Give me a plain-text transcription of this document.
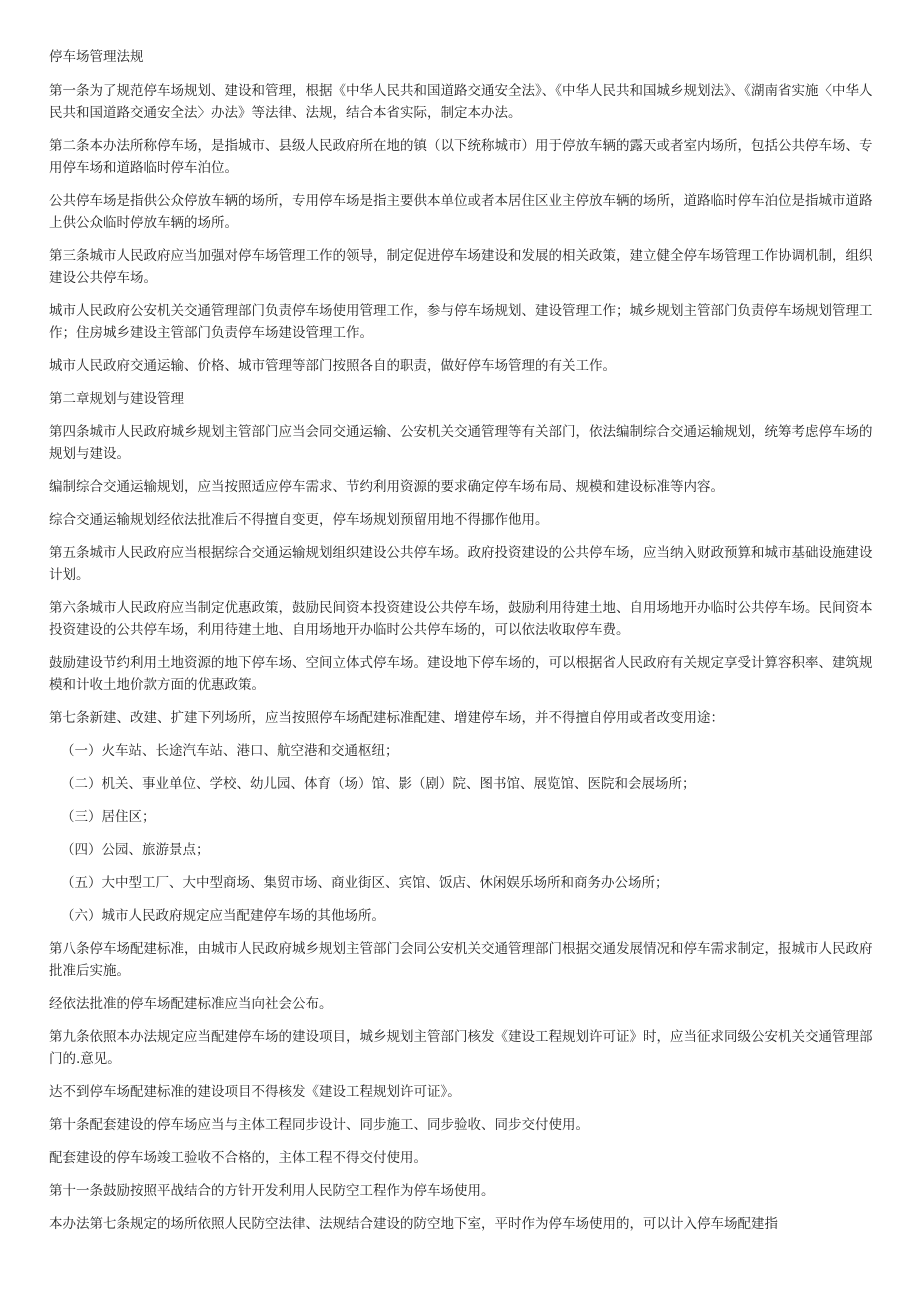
停车场管理法规

第一条为了规范停车场规划、建设和管理，根据《中华人民共和国道路交通安全法》、《中华人民共和国城乡规划法》、《湖南省实施〈中华人民共和国道路交通安全法〉办法》等法律、法规，结合本省实际，制定本办法。

第二条本办法所称停车场，是指城市、县级人民政府所在地的镇（以下统称城市）用于停放车辆的露天或者室内场所，包括公共停车场、专用停车场和道路临时停车泊位。

公共停车场是指供公众停放车辆的场所，专用停车场是指主要供本单位或者本居住区业主停放车辆的场所，道路临时停车泊位是指城市道路上供公众临时停放车辆的场所。

第三条城市人民政府应当加强对停车场管理工作的领导，制定促进停车场建设和发展的相关政策，建立健全停车场管理工作协调机制，组织建设公共停车场。

城市人民政府公安机关交通管理部门负责停车场使用管理工作，参与停车场规划、建设管理工作；城乡规划主管部门负责停车场规划管理工作；住房城乡建设主管部门负责停车场建设管理工作。

城市人民政府交通运输、价格、城市管理等部门按照各自的职责，做好停车场管理的有关工作。

第二章规划与建设管理

第四条城市人民政府城乡规划主管部门应当会同交通运输、公安机关交通管理等有关部门，依法编制综合交通运输规划，统筹考虑停车场的规划与建设。

编制综合交通运输规划，应当按照适应停车需求、节约利用资源的要求确定停车场布局、规模和建设标准等内容。

综合交通运输规划经依法批准后不得擅自变更，停车场规划预留用地不得挪作他用。

第五条城市人民政府应当根据综合交通运输规划组织建设公共停车场。政府投资建设的公共停车场，应当纳入财政预算和城市基础设施建设计划。

第六条城市人民政府应当制定优惠政策，鼓励民间资本投资建设公共停车场，鼓励利用待建土地、自用场地开办临时公共停车场。民间资本投资建设的公共停车场，利用待建土地、自用场地开办临时公共停车场的，可以依法收取停车费。

鼓励建设节约利用土地资源的地下停车场、空间立体式停车场。建设地下停车场的，可以根据省人民政府有关规定享受计算容积率、建筑规模和计收土地价款方面的优惠政策。

第七条新建、改建、扩建下列场所，应当按照停车场配建标准配建、增建停车场，并不得擅自停用或者改变用途：

（一）火车站、长途汽车站、港口、航空港和交通枢纽；

（二）机关、事业单位、学校、幼儿园、体育（场）馆、影（剧）院、图书馆、展览馆、医院和会展场所；

（三）居住区；

（四）公园、旅游景点；

（五）大中型工厂、大中型商场、集贸市场、商业街区、宾馆、饭店、休闲娱乐场所和商务办公场所；

（六）城市人民政府规定应当配建停车场的其他场所。

第八条停车场配建标准，由城市人民政府城乡规划主管部门会同公安机关交通管理部门根据交通发展情况和停车需求制定，报城市人民政府批准后实施。

经依法批准的停车场配建标准应当向社会公布。

第九条依照本办法规定应当配建停车场的建设项目，城乡规划主管部门核发《建设工程规划许可证》时，应当征求同级公安机关交通管理部门的.意见。

达不到停车场配建标准的建设项目不得核发《建设工程规划许可证》。

第十条配套建设的停车场应当与主体工程同步设计、同步施工、同步验收、同步交付使用。

配套建设的停车场竣工验收不合格的，主体工程不得交付使用。

第十一条鼓励按照平战结合的方针开发利用人民防空工程作为停车场使用。

本办法第七条规定的场所依照人民防空法律、法规结合建设的防空地下室，平时作为停车场使用的，可以计入停车场配建指
